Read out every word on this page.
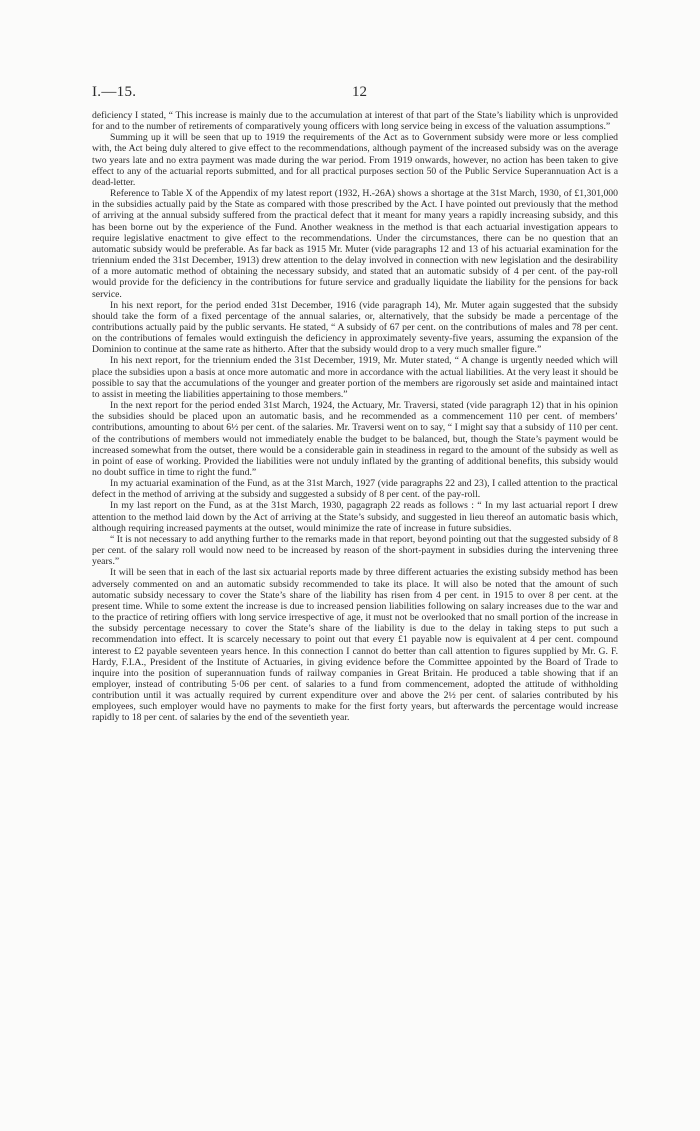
I.—15.	12

deficiency I stated, “ This increase is mainly due to the accumulation at interest of that part of the State’s liability which is unprovided for and to the number of retirements of comparatively young officers with long service being in excess of the valuation assumptions.”

Summing up it will be seen that up to 1919 the requirements of the Act as to Government subsidy were more or less complied with, the Act being duly altered to give effect to the recommendations, although payment of the increased subsidy was on the average two years late and no extra payment was made during the war period. From 1919 onwards, however, no action has been taken to give effect to any of the actuarial reports submitted, and for all practical purposes section 50 of the Public Service Superannuation Act is a dead-letter.

Reference to Table X of the Appendix of my latest report (1932, H.-26A) shows a shortage at the 31st March, 1930, of £1,301,000 in the subsidies actually paid by the State as compared with those prescribed by the Act. I have pointed out previously that the method of arriving at the annual subsidy suffered from the practical defect that it meant for many years a rapidly increasing subsidy, and this has been borne out by the experience of the Fund. Another weakness in the method is that each actuarial investigation appears to require legislative enactment to give effect to the recommendations. Under the circumstances, there can be no question that an automatic subsidy would be preferable. As far back as 1915 Mr. Muter (vide paragraphs 12 and 13 of his actuarial examination for the triennium ended the 31st December, 1913) drew attention to the delay involved in connection with new legislation and the desirability of a more automatic method of obtaining the necessary subsidy, and stated that an automatic subsidy of 4 per cent. of the pay-roll would provide for the deficiency in the contributions for future service and gradually liquidate the liability for the pensions for back service.

In his next report, for the period ended 31st December, 1916 (vide paragraph 14), Mr. Muter again suggested that the subsidy should take the form of a fixed percentage of the annual salaries, or, alternatively, that the subsidy be made a percentage of the contributions actually paid by the public servants. He stated, “ A subsidy of 67 per cent. on the contributions of males and 78 per cent. on the contributions of females would extinguish the deficiency in approximately seventy-five years, assuming the expansion of the Dominion to continue at the same rate as hitherto. After that the subsidy would drop to a very much smaller figure.”

In his next report, for the triennium ended the 31st December, 1919, Mr. Muter stated, “ A change is urgently needed which will place the subsidies upon a basis at once more automatic and more in accordance with the actual liabilities. At the very least it should be possible to say that the accumulations of the younger and greater portion of the members are rigorously set aside and maintained intact to assist in meeting the liabilities appertaining to those members.”

In the next report for the period ended 31st March, 1924, the Actuary, Mr. Traversi, stated (vide paragraph 12) that in his opinion the subsidies should be placed upon an automatic basis, and he recommended as a commencement 110 per cent. of members’ contributions, amounting to about 6½ per cent. of the salaries. Mr. Traversi went on to say, “ I might say that a subsidy of 110 per cent. of the contributions of members would not immediately enable the budget to be balanced, but, though the State’s payment would be increased somewhat from the outset, there would be a considerable gain in steadiness in regard to the amount of the subsidy as well as in point of ease of working. Provided the liabilities were not unduly inflated by the granting of additional benefits, this subsidy would no doubt suffice in time to right the fund.”

In my actuarial examination of the Fund, as at the 31st March, 1927 (vide paragraphs 22 and 23), I called attention to the practical defect in the method of arriving at the subsidy and suggested a subsidy of 8 per cent. of the pay-roll.

In my last report on the Fund, as at the 31st March, 1930, pagagraph 22 reads as follows : “ In my last actuarial report I drew attention to the method laid down by the Act of arriving at the State’s subsidy, and suggested in lieu thereof an automatic basis which, although requiring increased payments at the outset, would minimize the rate of increase in future subsidies.

“ It is not necessary to add anything further to the remarks made in that report, beyond pointing out that the suggested subsidy of 8 per cent. of the salary roll would now need to be increased by reason of the short-payment in subsidies during the intervening three years.”

It will be seen that in each of the last six actuarial reports made by three different actuaries the existing subsidy method has been adversely commented on and an automatic subsidy recommended to take its place. It will also be noted that the amount of such automatic subsidy necessary to cover the State’s share of the liability has risen from 4 per cent. in 1915 to over 8 per cent. at the present time. While to some extent the increase is due to increased pension liabilities following on salary increases due to the war and to the practice of retiring offiers with long service irrespective of age, it must not be overlooked that no small portion of the increase in the subsidy percentage necessary to cover the State’s share of the liability is due to the delay in taking steps to put such a recommendation into effect. It is scarcely necessary to point out that every £1 payable now is equivalent at 4 per cent. compound interest to £2 payable seventeen years hence. In this connection I cannot do better than call attention to figures supplied by Mr. G. F. Hardy, F.I.A., President of the Institute of Actuaries, in giving evidence before the Committee appointed by the Board of Trade to inquire into the position of superannuation funds of railway companies in Great Britain. He produced a table showing that if an employer, instead of contributing 5·06 per cent. of salaries to a fund from commencement, adopted the attitude of withholding contribution until it was actually required by current expenditure over and above the 2½ per cent. of salaries contributed by his employees, such employer would have no payments to make for the first forty years, but afterwards the percentage would increase rapidly to 18 per cent. of salaries by the end of the seventieth year.
